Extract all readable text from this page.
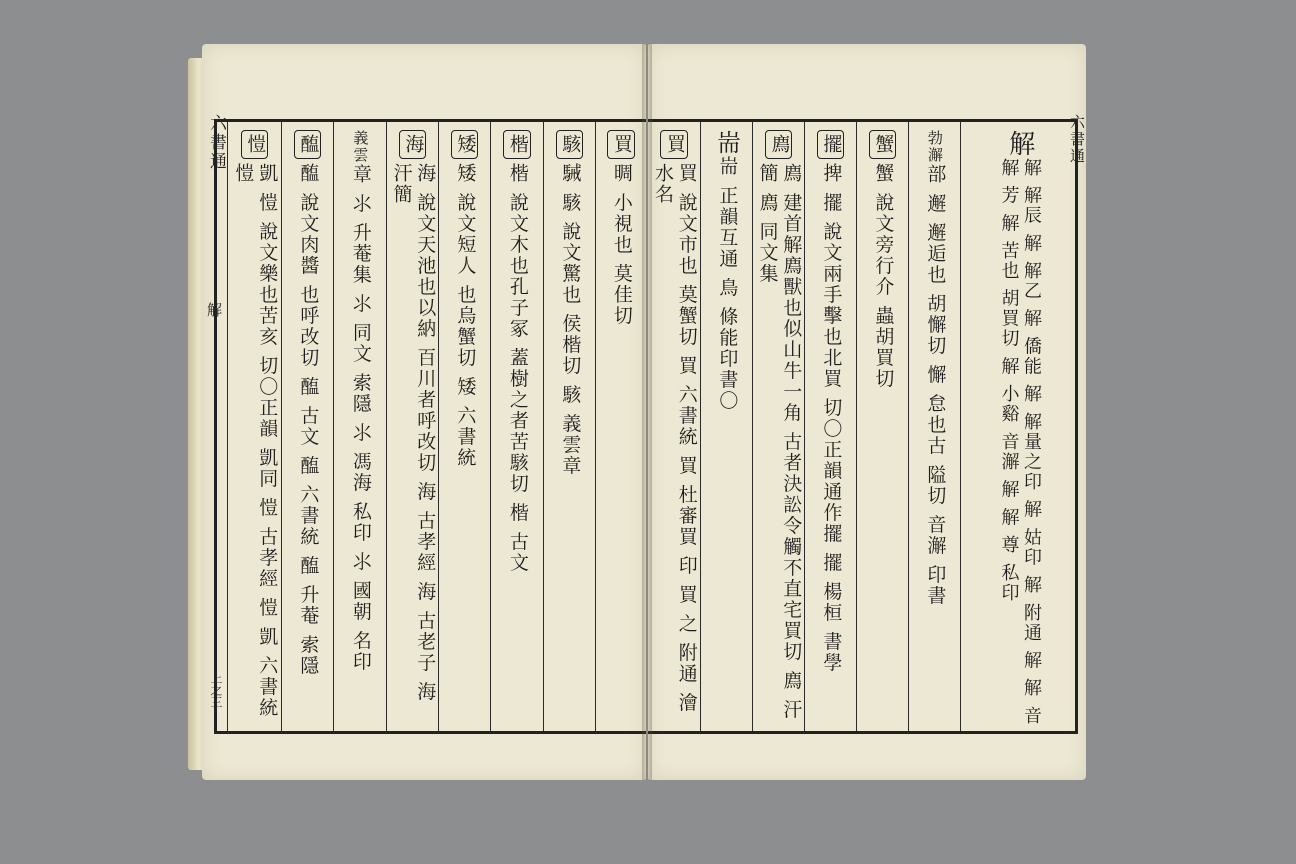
六書通
解
上之三
買
晭 小視也 莫佳切
駭
駴 駭 說文驚也 侯楷切 駭 義雲章
楷
楷 說文木也孔子冢 蓋樹之者苦駭切 楷 古文
矮
矮 說文短人 也烏蟹切 矮 六書統
海
海 說文天池也以納 百川者呼改切 海 古孝經 海 古老子 海 汗簡
義雲
章 ⺢ 升菴集 ⺢ 同文 索隱 ⺢ 馮海 私印 ⺢ 國朝 名印
醢
醢 說文肉醬 也呼改切 醢 古文 醢 六書統 醢 升菴 索隱
愷
凱 愷 說文樂也苦亥 切〇正韻 凱同 愷 古孝經 愷 凱 六書統 愷
六書通
買
買 說文市也 莫蟹切 買 六書統 買 杜審買 印 買 之 附通 澮 水名
耑
耑 正韻互通 鳥 條能印書〇
廌
廌 建首解廌獸也似山牛一角 古者決訟令觸不直宅買切 廌 汗簡 廌 同文集
擺
捭 擺 說文兩手擊也北買 切〇正韻通作擺 擺 楊桓 書學
蟹
蟹 說文旁行介 蟲胡買切
勃澥
部 邂 邂逅也 胡懈切 懈 怠也古 隘切 音澥 印書
解
解 解辰 解 解乙 解 僑能 解 解量之印 解 姑印 解 附通 解 解 音 解 芳 解 苦也 胡買切 解 小谿 音澥 解 解 尊 私印
